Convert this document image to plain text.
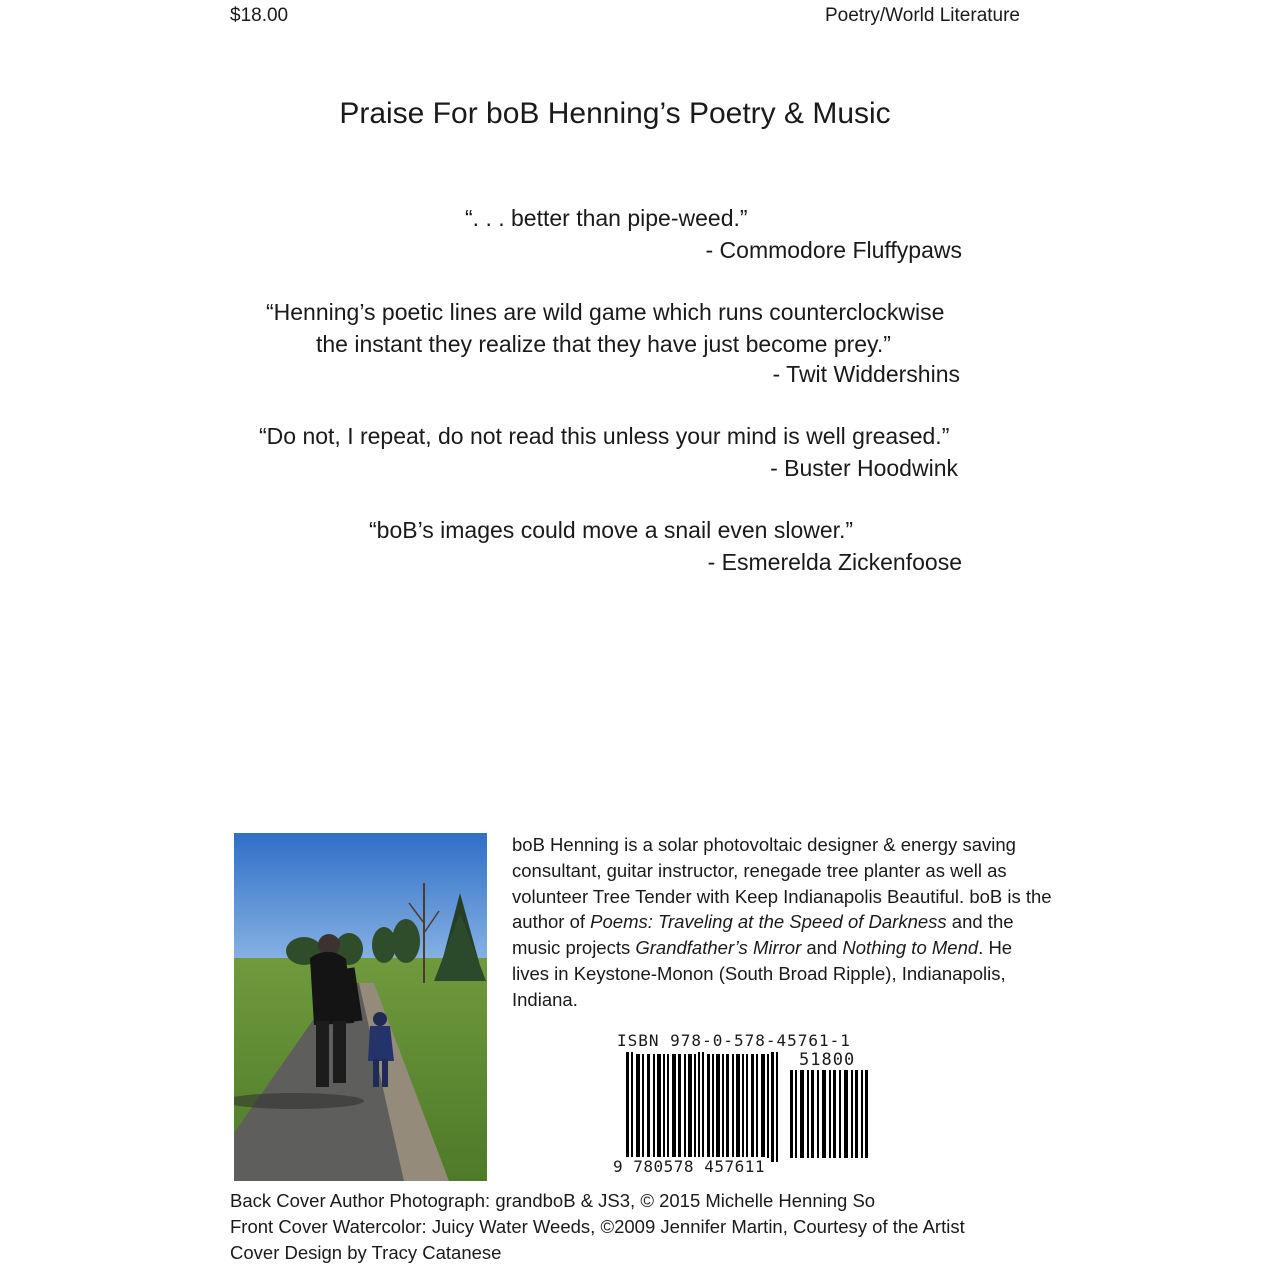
$18.00	Poetry/World Literature
Praise For boB Henning’s Poetry & Music
“. . . better than pipe-weed.”
- Commodore Fluffypaws
“Henning’s poetic lines are wild game which runs counterclockwise
the instant they realize that they have just become prey.”
- Twit Widdershins
“Do not, I repeat, do not read this unless your mind is well greased.”
- Buster Hoodwink
“boB’s images could move a snail even slower.”
- Esmerelda Zickenfoose
boB Henning is a solar photovoltaic designer & energy saving consultant, guitar instructor, renegade tree planter as well as volunteer Tree Tender with Keep Indianapolis Beautiful. boB is the author of Poems: Traveling at the Speed of Darkness and the music projects Grandfather’s Mirror and Nothing to Mend. He lives in Keystone-Monon (South Broad Ripple), Indianapolis, Indiana.
ISBN 978-0-578-45761-1
51800
9 780578 457611
Back Cover Author Photograph: grandboB & JS3, © 2015 Michelle Henning So
Front Cover Watercolor: Juicy Water Weeds, ©2009 Jennifer Martin, Courtesy of the Artist
Cover Design by Tracy Catanese
